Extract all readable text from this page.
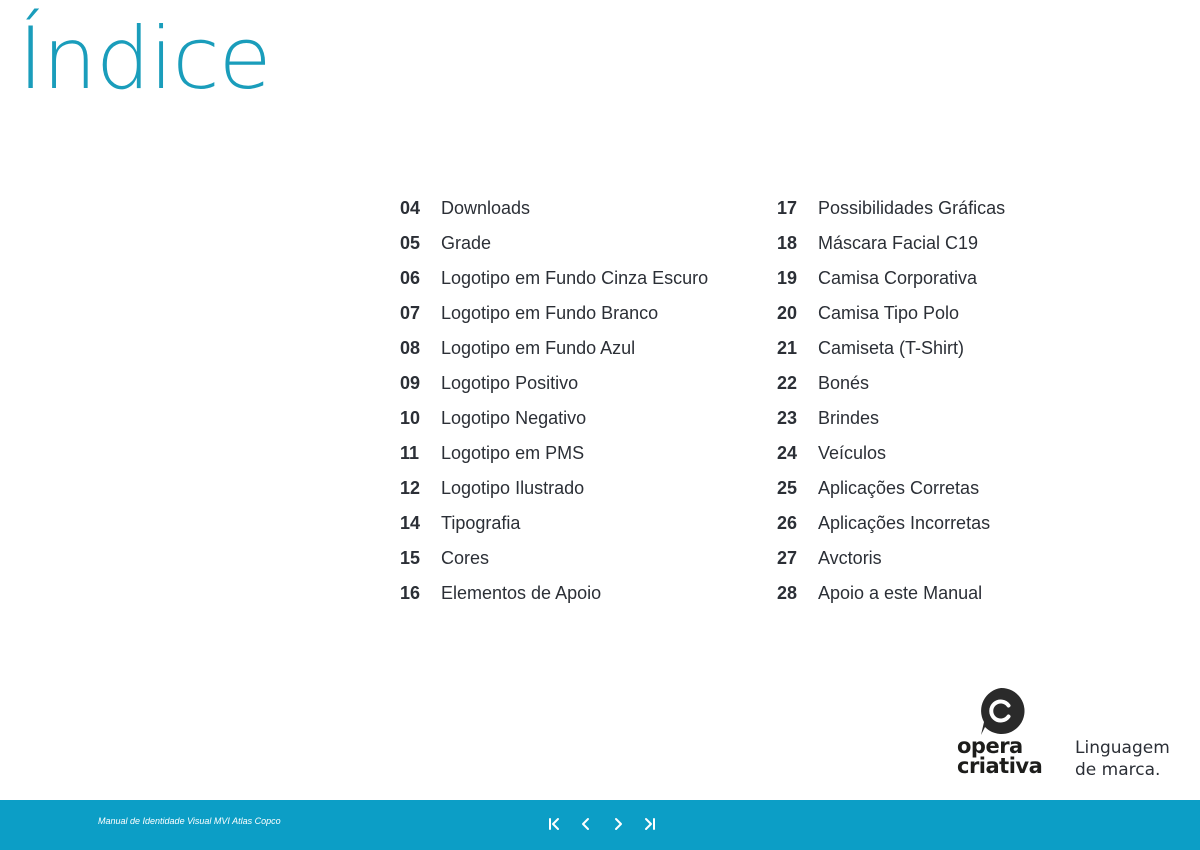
Índice
04	Downloads
05	Grade
06	Logotipo em Fundo Cinza Escuro
07	Logotipo em Fundo Branco
08	Logotipo em Fundo Azul
09	Logotipo Positivo
10	Logotipo Negativo
11	Logotipo em PMS
12	Logotipo Ilustrado
14	Tipografia
15	Cores
16	Elementos de Apoio
17	Possibilidades Gráficas
18	Máscara Facial C19
19	Camisa Corporativa
20	Camisa Tipo Polo
21	Camiseta (T-Shirt)
22	Bonés
23	Brindes
24	Veículos
25	Aplicações Corretas
26	Aplicações Incorretas
27	Avctoris
28	Apoio a este Manual
opera
criativa
Linguagem
de marca.
Manual de Identidade Visual MVI Atlas Copco
